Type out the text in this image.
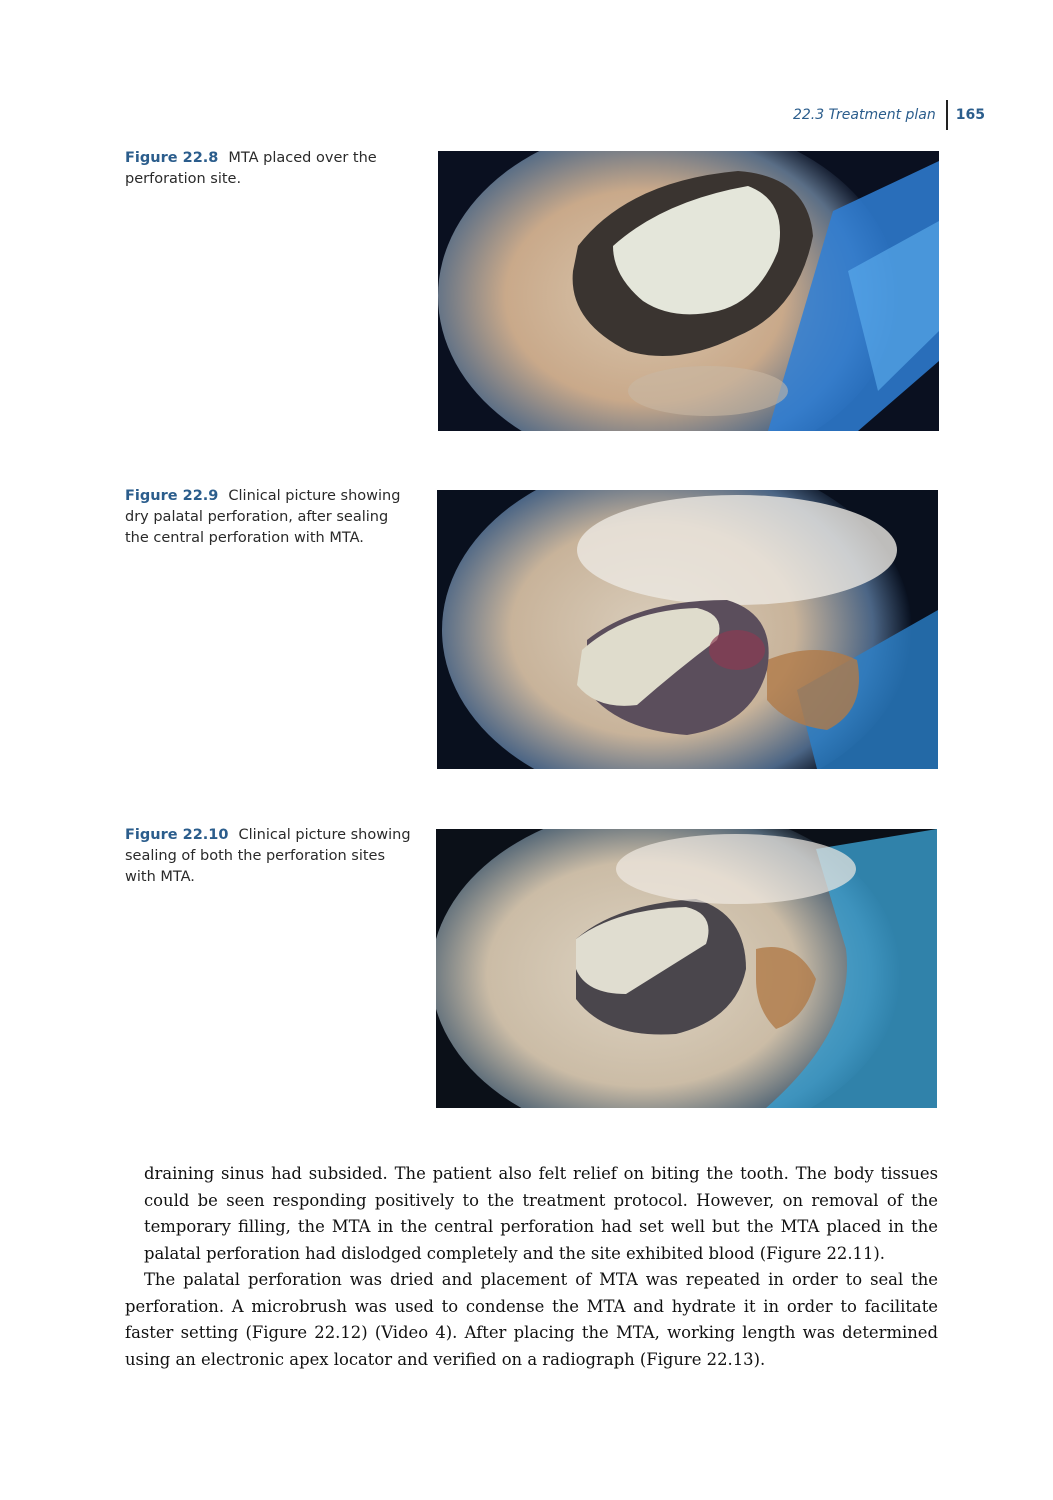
22.3 Treatment plan	165
Figure 22.8 MTA placed over the perforation site.
Figure 22.9 Clinical picture showing dry palatal perforation, after sealing the central perforation with MTA.
Figure 22.10 Clinical picture showing sealing of both the perforation sites with MTA.

draining sinus had subsided. The patient also felt relief on biting the tooth. The body tissues could be seen responding positively to the treatment protocol. However, on removal of the temporary filling, the MTA in the central perforation had set well but the MTA placed in the palatal perforation had dislodged completely and the site exhibited blood (Figure 22.11).

The palatal perforation was dried and placement of MTA was repeated in order to seal the perforation. A microbrush was used to condense the MTA and hydrate it in order to facilitate faster setting (Figure 22.12) (Video 4). After placing the MTA, working length was determined using an electronic apex locator and verified on a radiograph (Figure 22.13).
